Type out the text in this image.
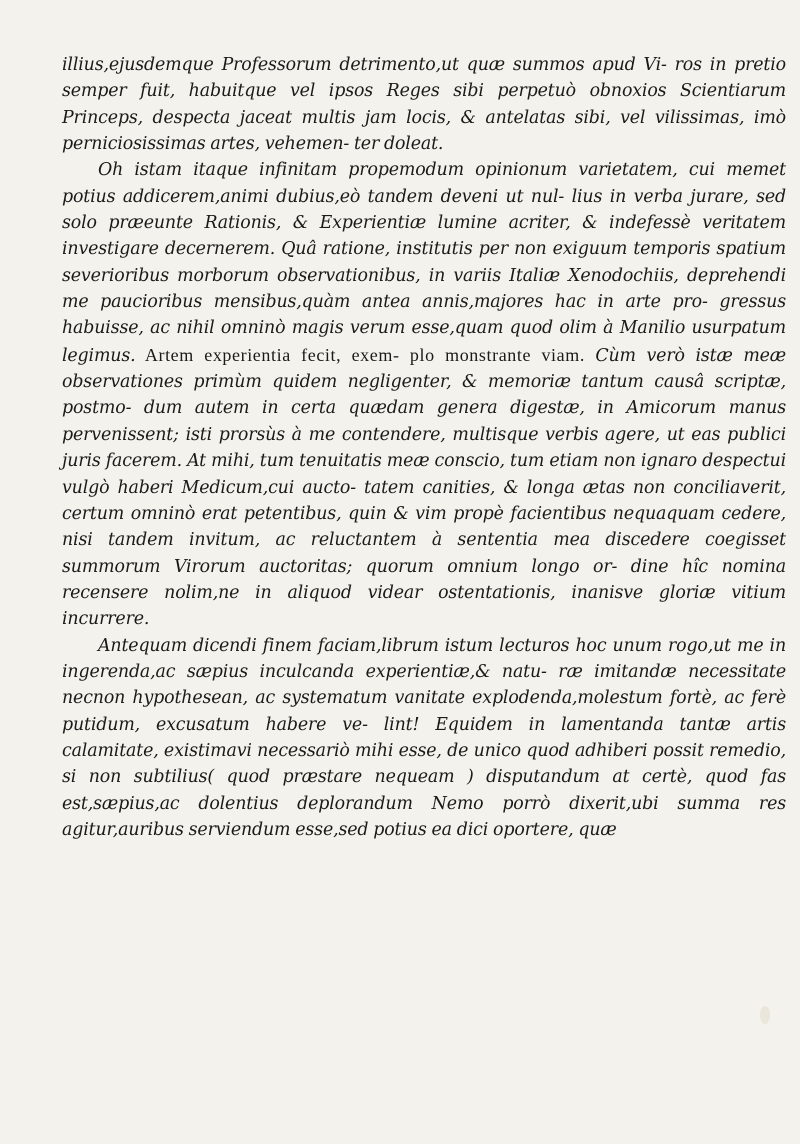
illius,ejusdemque Professorum detrimento,ut quæ summos apud Vi- ros in pretio semper fuit, habuitque vel ipsos Reges sibi perpetuò obnoxios Scientiarum Princeps, despecta jaceat multis jam locis, & antelatas sibi, vel vilissimas, imò perniciosissimas artes, vehemen- ter doleat.

Oh istam itaque infinitam propemodum opinionum varietatem, cui memet potius addicerem,animi dubius,eò tandem deveni ut nul- lius in verba jurare, sed solo præeunte Rationis, & Experientiæ lumine acriter, & indefessè veritatem investigare decernerem. Quâ ratione, institutis per non exiguum temporis spatium severioribus morborum observationibus, in variis Italiæ Xenodochiis, deprehendi me paucioribus mensibus,quàm antea annis,majores hac in arte pro- gressus habuisse, ac nihil omninò magis verum esse,quam quod olim à Manilio usurpatum legimus. Artem experientia fecit, exem- plo monstrante viam. Cùm verò istæ meæ observationes primùm quidem negligenter, & memoriæ tantum causâ scriptæ, postmo- dum autem in certa quædam genera digestæ, in Amicorum manus pervenissent; isti prorsùs à me contendere, multisque verbis agere, ut eas publici juris facerem. At mihi, tum tenuitatis meæ conscio, tum etiam non ignaro despectui vulgò haberi Medicum,cui aucto- tatem canities, & longa ætas non conciliaverit, certum omninò erat petentibus, quin & vim propè facientibus nequaquam cedere, nisi tandem invitum, ac reluctantem à sententia mea discedere coegisset summorum Virorum auctoritas; quorum omnium longo or- dine hîc nomina recensere nolim,ne in aliquod videar ostentationis, inanisve gloriæ vitium incurrere.

Antequam dicendi finem faciam,librum istum lecturos hoc unum rogo,ut me in ingerenda,ac sæpius inculcanda experientiæ,& natu- ræ imitandæ necessitate necnon hypothesean, ac systematum vanitate explodenda,molestum fortè, ac ferè putidum, excusatum habere ve- lint! Equidem in lamentanda tantæ artis calamitate, existimavi necessariò mihi esse, de unico quod adhiberi possit remedio, si non subtilius( quod præstare nequeam ) disputandum at certè, quod fas est,sæpius,ac dolentius deplorandum Nemo porrò dixerit,ubi summa res agitur,auribus serviendum esse,sed potius ea dici oportere, quæ
